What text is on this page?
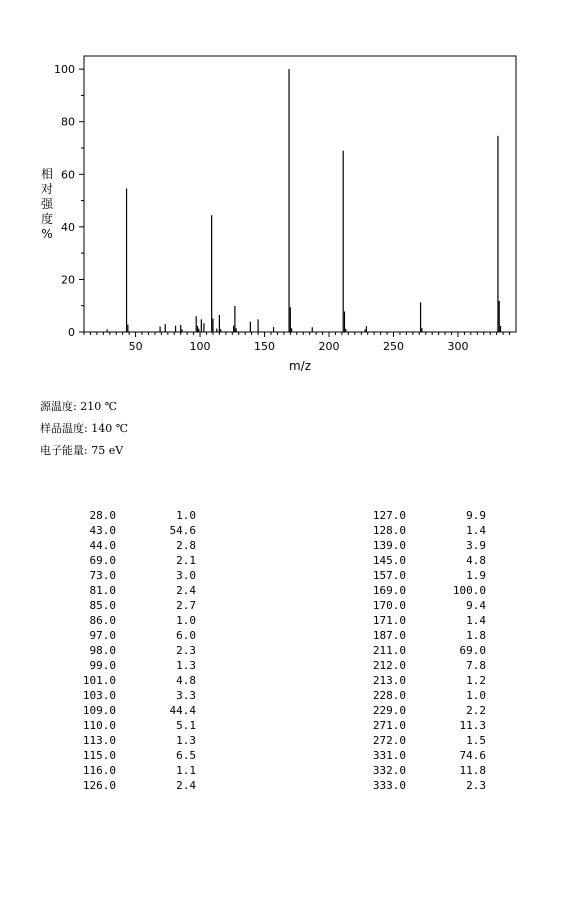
0
20
40
60
80
100
50	100	150	200	250	300
m/z
相
对
强
度
%
源温度: 210 ℃
样品温度: 140 ℃
电子能量: 75 eV
28.0	1.0
43.0	54.6
44.0	2.8
69.0	2.1
73.0	3.0
81.0	2.4
85.0	2.7
86.0	1.0
97.0	6.0
98.0	2.3
99.0	1.3
101.0	4.8
103.0	3.3
109.0	44.4
110.0	5.1
113.0	1.3
115.0	6.5
116.0	1.1
126.0	2.4
127.0	9.9
128.0	1.4
139.0	3.9
145.0	4.8
157.0	1.9
169.0	100.0
170.0	9.4
171.0	1.4
187.0	1.8
211.0	69.0
212.0	7.8
213.0	1.2
228.0	1.0
229.0	2.2
271.0	11.3
272.0	1.5
331.0	74.6
332.0	11.8
333.0	2.3
